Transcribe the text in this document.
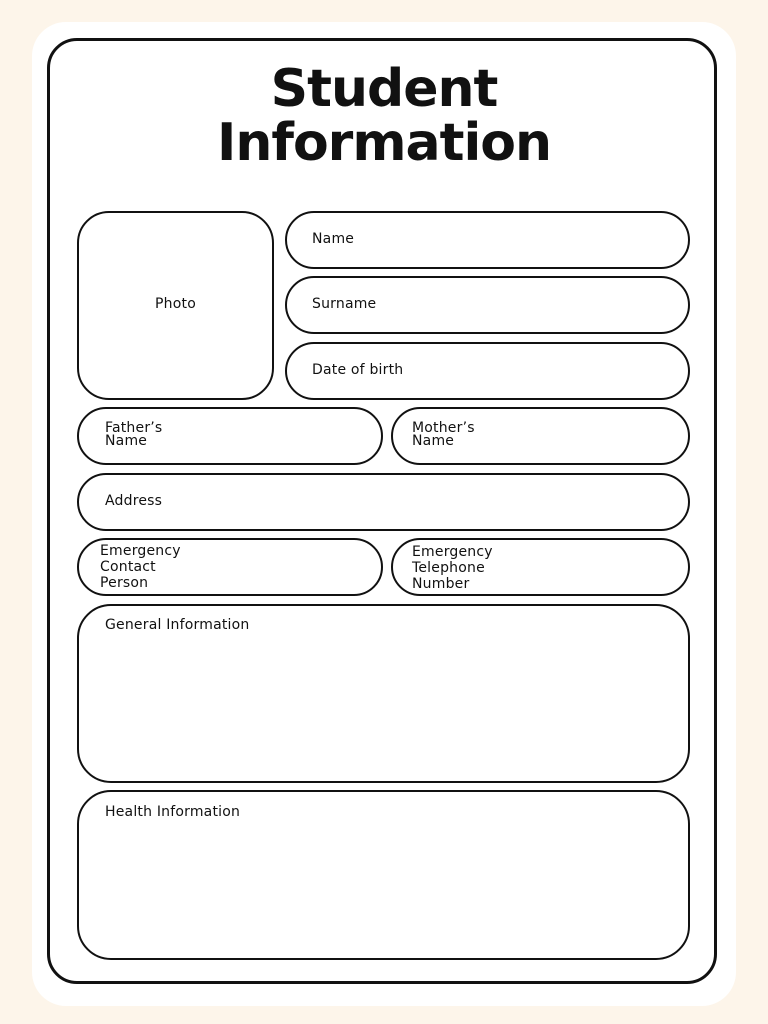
Student
Information
Photo
Name
Surname
Date of birth
Father’s
Name
Mother’s
Name
Address
Emergency
Contact
Person
Emergency
Telephone
Number
General Information
Health Information
